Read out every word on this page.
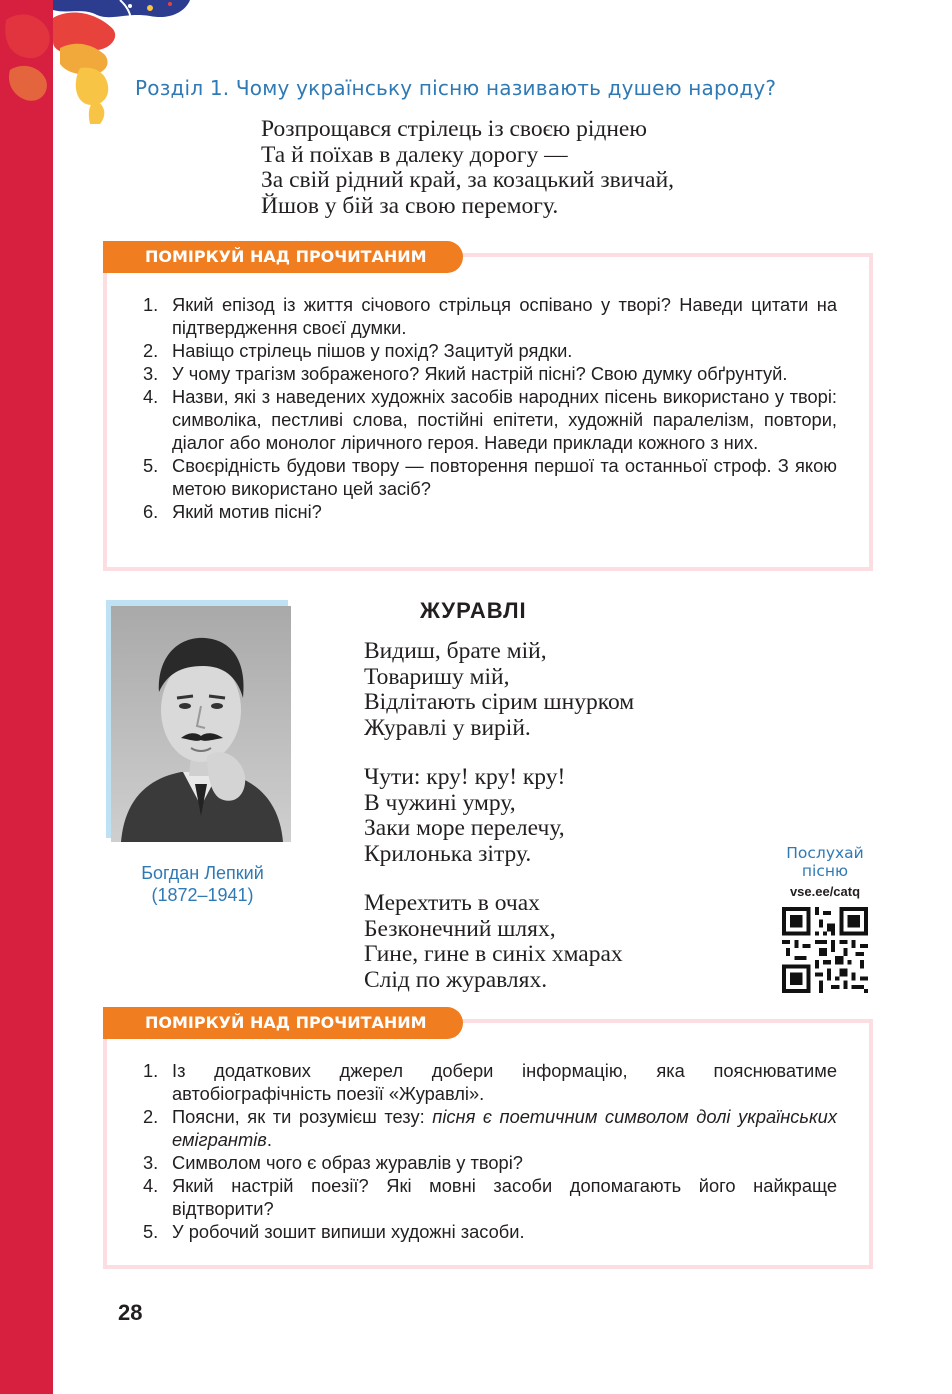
Розділ 1. Чому українську пісню називають душею народу?
Розпрощався стрілець із своєю ріднею
Та й поїхав в далеку дорогу —
За свій рідний край, за козацький звичай,
Йшов у бій за свою перемогу.
ПОМІРКУЙ НАД ПРОЧИТАНИМ
1. Який епізод із життя січового стрільця оспівано у творі? Наведи цитати на підтвердження своєї думки.
2. Навіщо стрілець пішов у похід? Зацитуй рядки.
3. У чому трагізм зображеного? Який настрій пісні? Свою думку обґрунтуй.
4. Назви, які з наведених художніх засобів народних пісень використано у творі: символіка, пестливі слова, постійні епітети, художній паралелізм, повтори, діалог або монолог ліричного героя. Наведи приклади кожного з них.
5. Своєрідність будови твору — повторення першої та останньої строф. З якою метою використано цей засіб?
6. Який мотив пісні?
Богдан Лепкий
(1872–1941)
ЖУРАВЛІ
Видиш, брате мій,
Товаришу мій,
Відлітають сірим шнурком
Журавлі у вирій.
Чути: кру! кру! кру!
В чужині умру,
Заки море перелечу,
Крилонька зітру.
Мерехтить в очах
Безконечний шлях,
Гине, гине в синіх хмарах
Слід по журавлях.
Послухай
пісню
vse.ee/catq
ПОМІРКУЙ НАД ПРОЧИТАНИМ
1. Із додаткових джерел добери інформацію, яка пояснюватиме автобіографічність поезії «Журавлі».
2. Поясни, як ти розумієш тезу: пісня є поетичним символом долі українських емігрантів.
3. Символом чого є образ журавлів у творі?
4. Який настрій поезії? Які мовні засоби допомагають його найкраще відтворити?
5. У робочий зошит випиши художні засоби.
28
